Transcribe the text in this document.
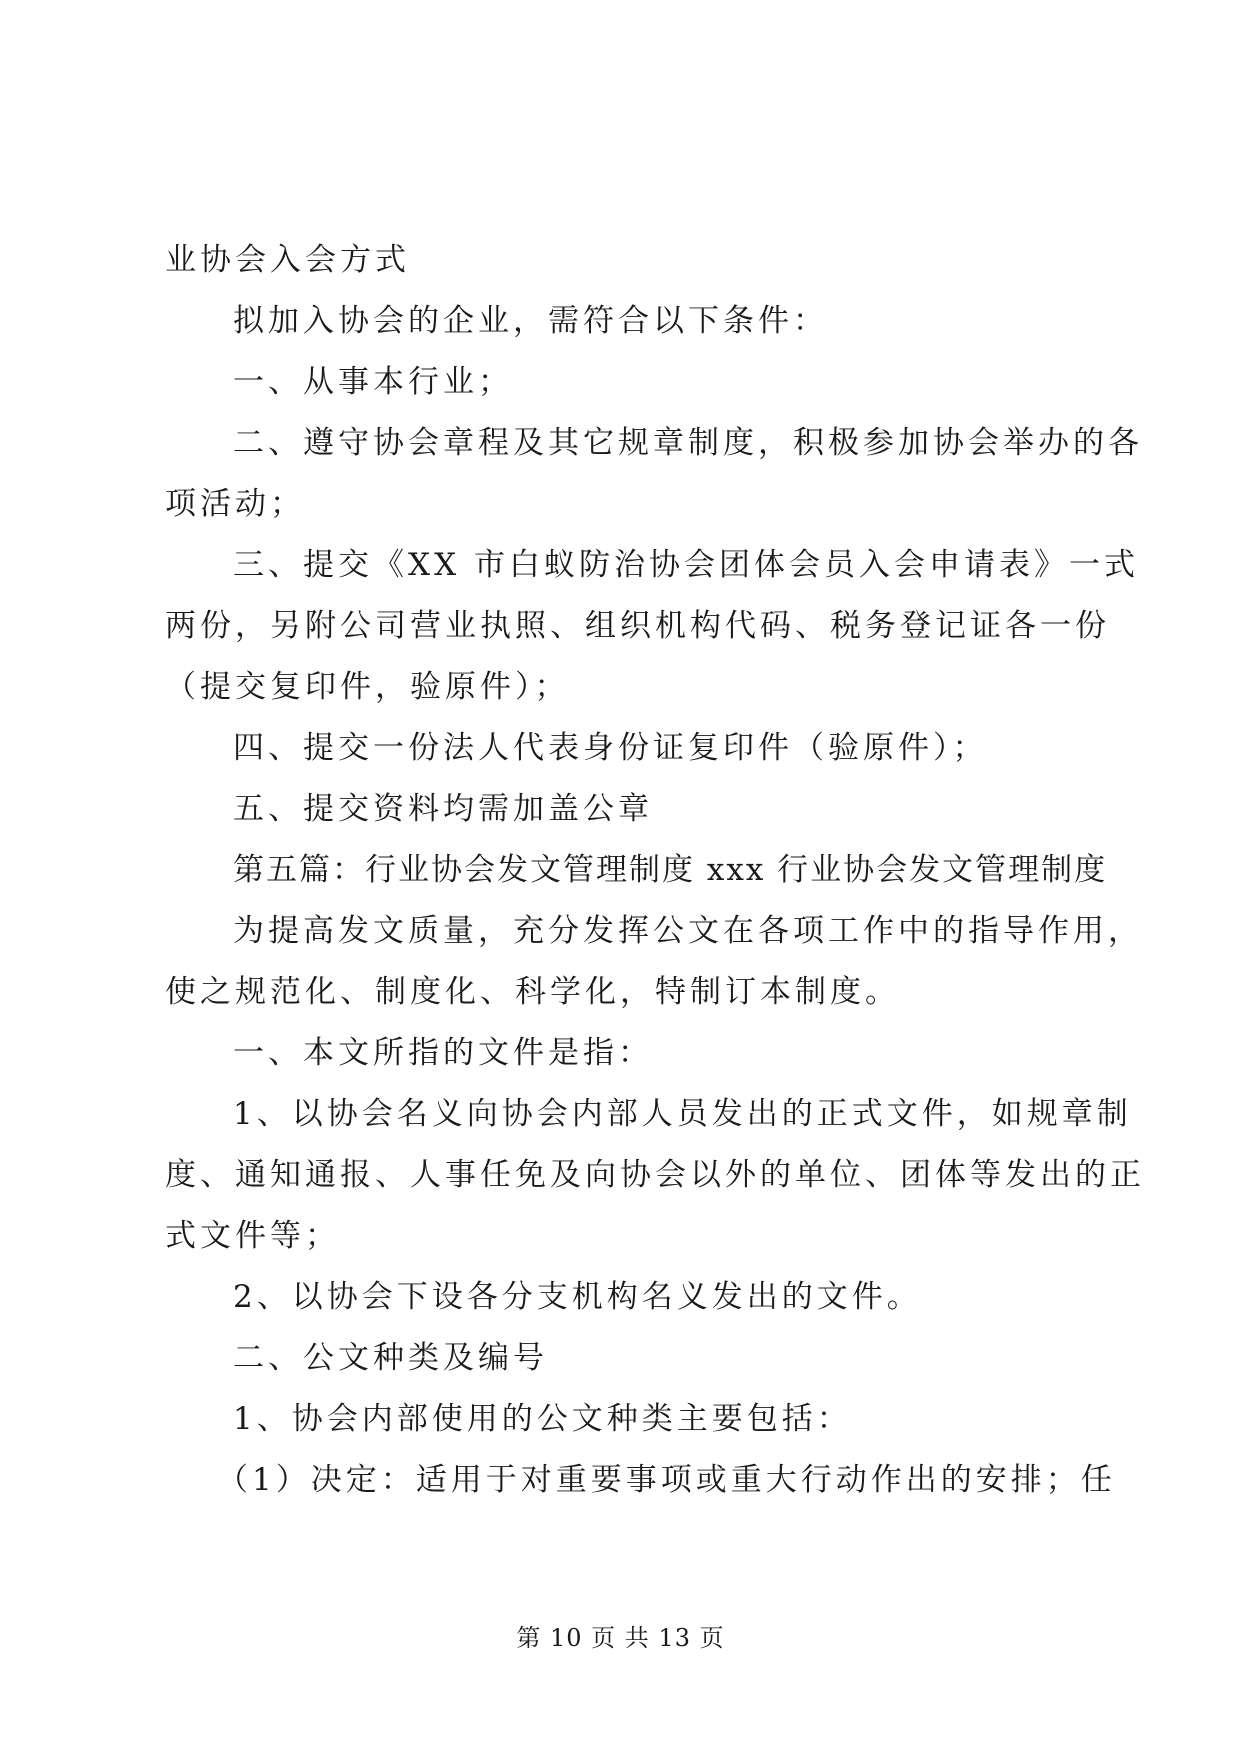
业协会入会方式
拟加入协会的企业，需符合以下条件：
一、从事本行业；
二、遵守协会章程及其它规章制度，积极参加协会举办的各
项活动；
三、提交《XX 市白蚁防治协会团体会员入会申请表》一式
两份，另附公司营业执照、组织机构代码、税务登记证各一份
（提交复印件，验原件）；
四、提交一份法人代表身份证复印件（验原件）；
五、提交资料均需加盖公章
第五篇：行业协会发文管理制度 xxx 行业协会发文管理制度
为提高发文质量，充分发挥公文在各项工作中的指导作用，
使之规范化、制度化、科学化，特制订本制度。
一、本文所指的文件是指：
1、以协会名义向协会内部人员发出的正式文件，如规章制
度、通知通报、人事任免及向协会以外的单位、团体等发出的正
式文件等；
2、以协会下设各分支机构名义发出的文件。
二、公文种类及编号
1、协会内部使用的公文种类主要包括：
（1）决定：适用于对重要事项或重大行动作出的安排；任
第 10 页 共 13 页
